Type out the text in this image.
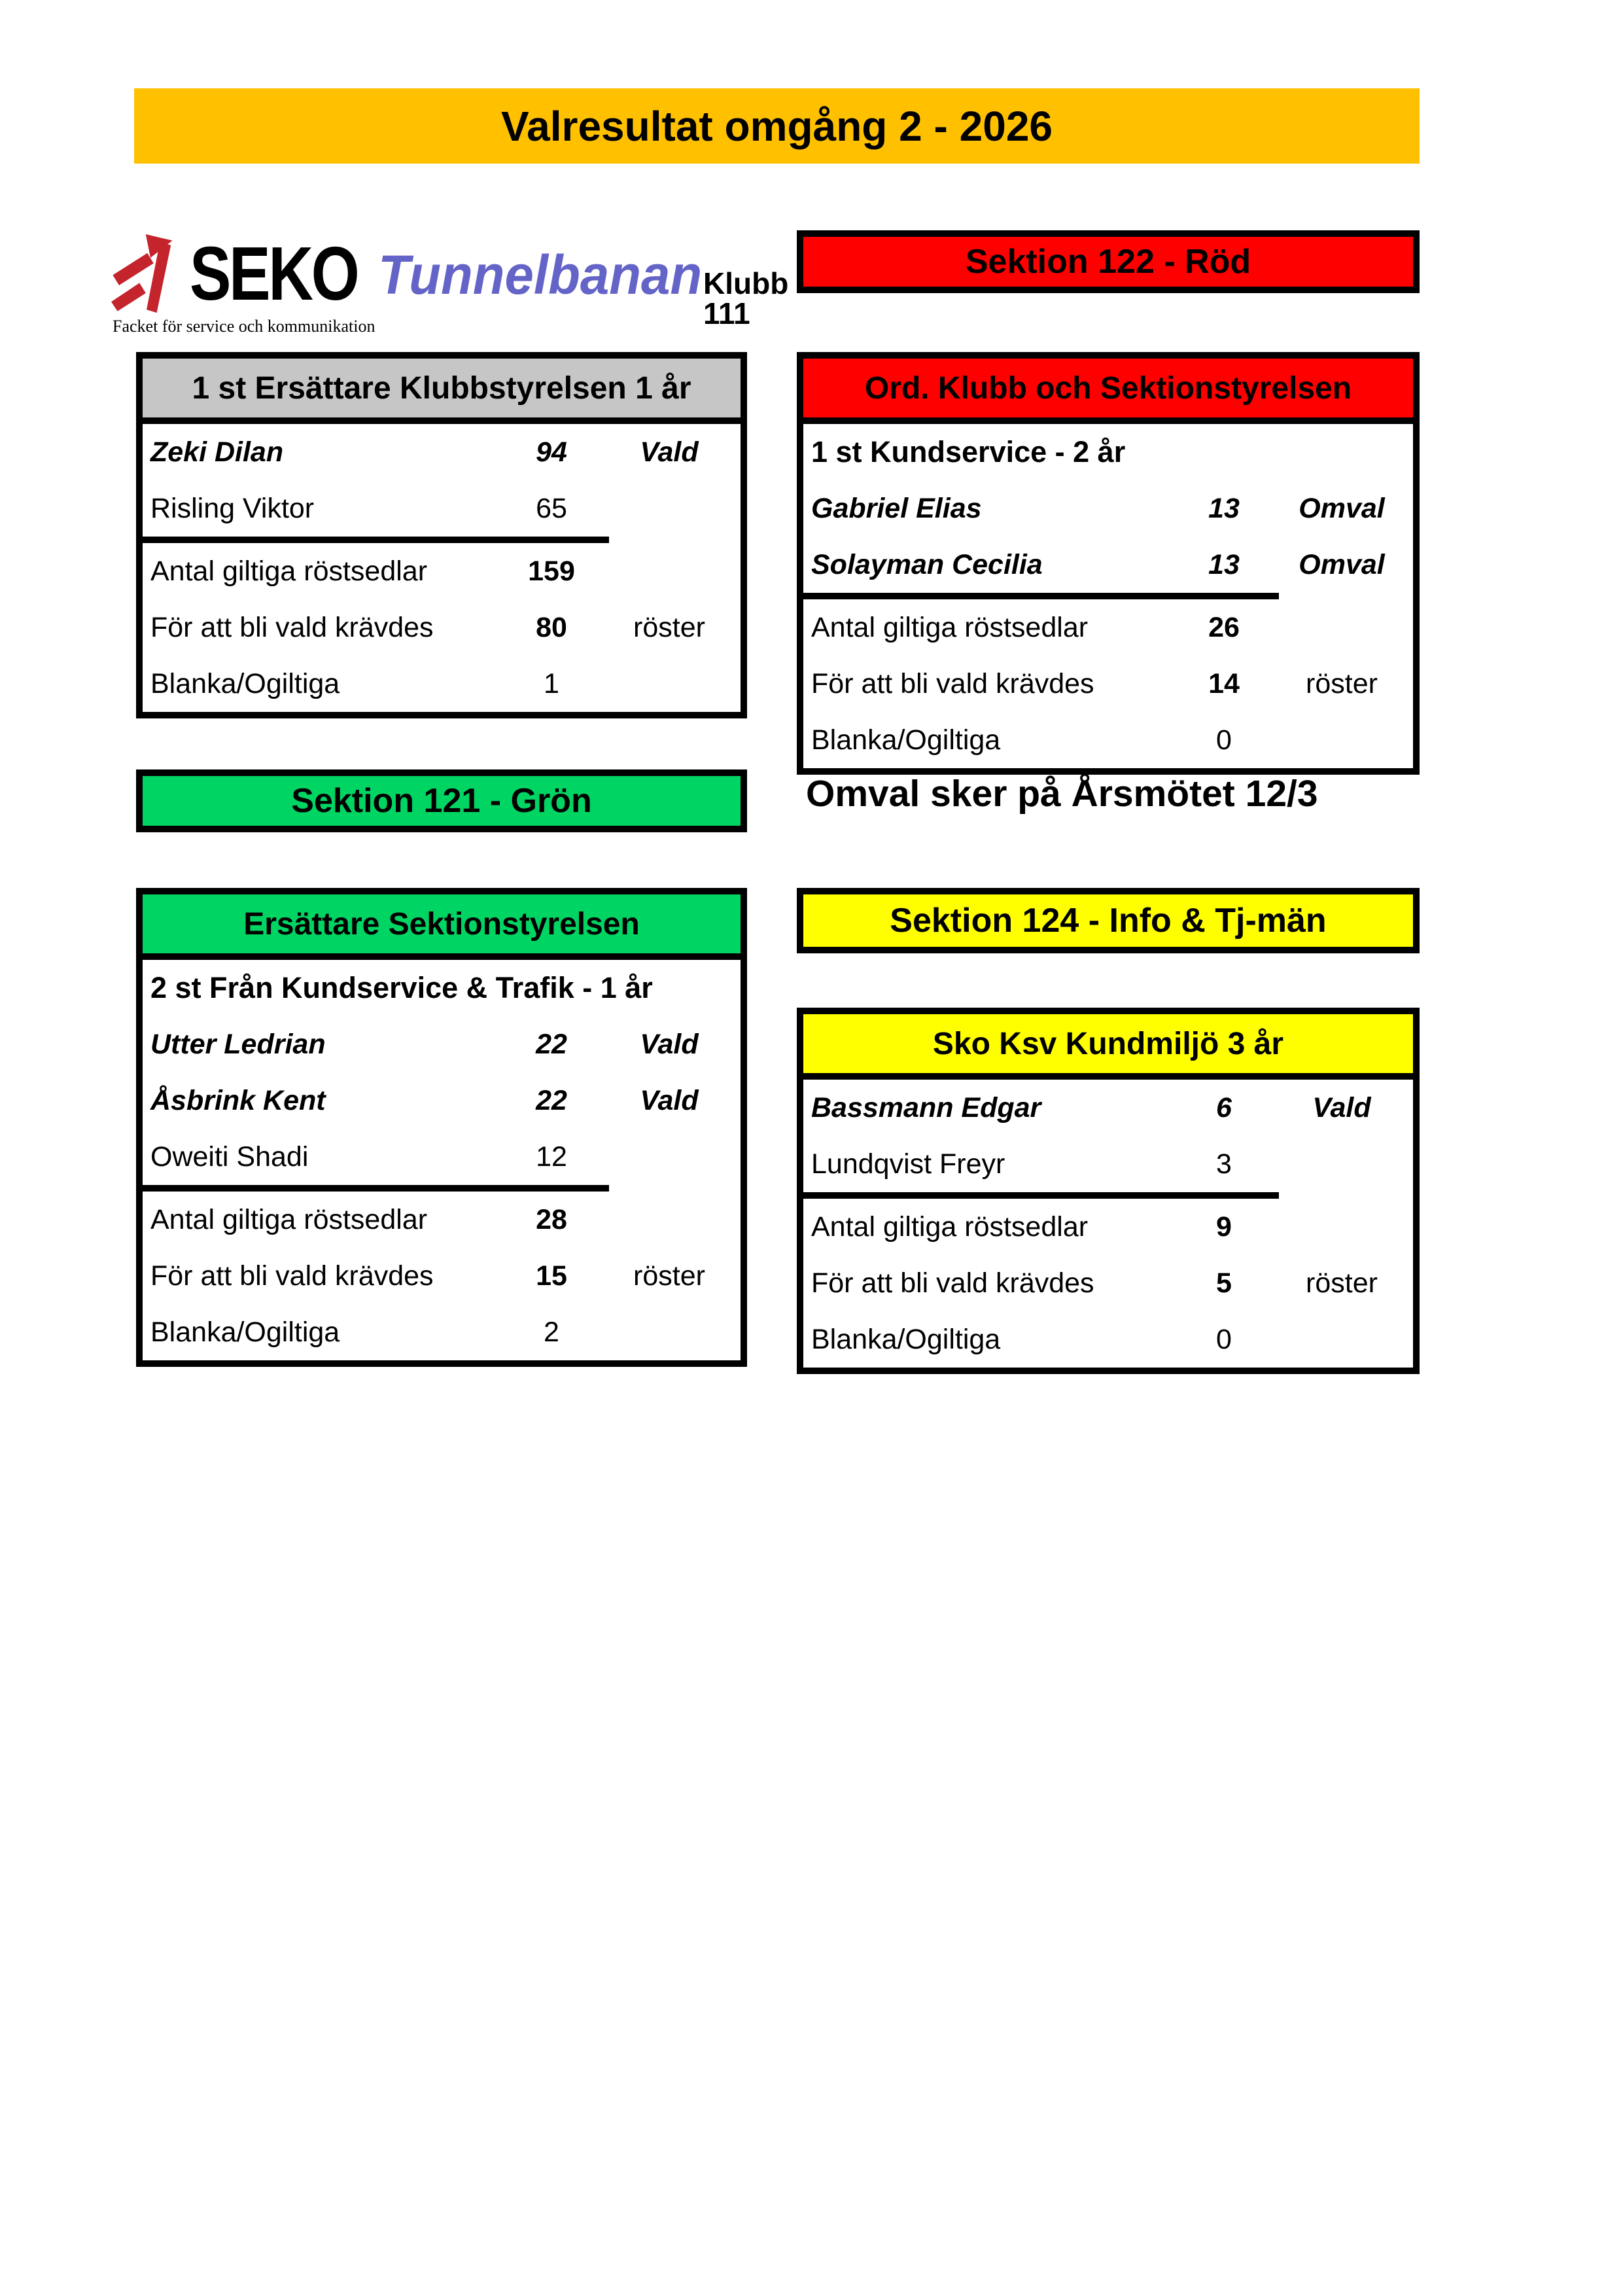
Valresultat omgång 2 - 2026
SEKO Tunnelbanan Klubb 111
Facket för service och kommunikation
Sektion 122 - Röd
1 st Ersättare Klubbstyrelsen 1 år
Zeki Dilan	94	Vald
Risling Viktor	65
Antal giltiga röstsedlar	159
För att bli vald krävdes	80	röster
Blanka/Ogiltiga	1
Ord. Klubb och Sektionstyrelsen
1 st Kundservice - 2 år
Gabriel Elias	13	Omval
Solayman Cecilia	13	Omval
Antal giltiga röstsedlar	26
För att bli vald krävdes	14	röster
Blanka/Ogiltiga	0
Sektion 121 - Grön	Omval sker på Årsmötet 12/3
Ersättare Sektionstyrelsen
2 st Från Kundservice & Trafik - 1 år
Utter Ledrian	22	Vald
Åsbrink Kent	22	Vald
Oweiti Shadi	12
Antal giltiga röstsedlar	28
För att bli vald krävdes	15	röster
Blanka/Ogiltiga	2
Sektion 124 - Info & Tj-män
Sko Ksv Kundmiljö 3 år
Bassmann Edgar	6	Vald
Lundqvist Freyr	3
Antal giltiga röstsedlar	9
För att bli vald krävdes	5	röster
Blanka/Ogiltiga	0
